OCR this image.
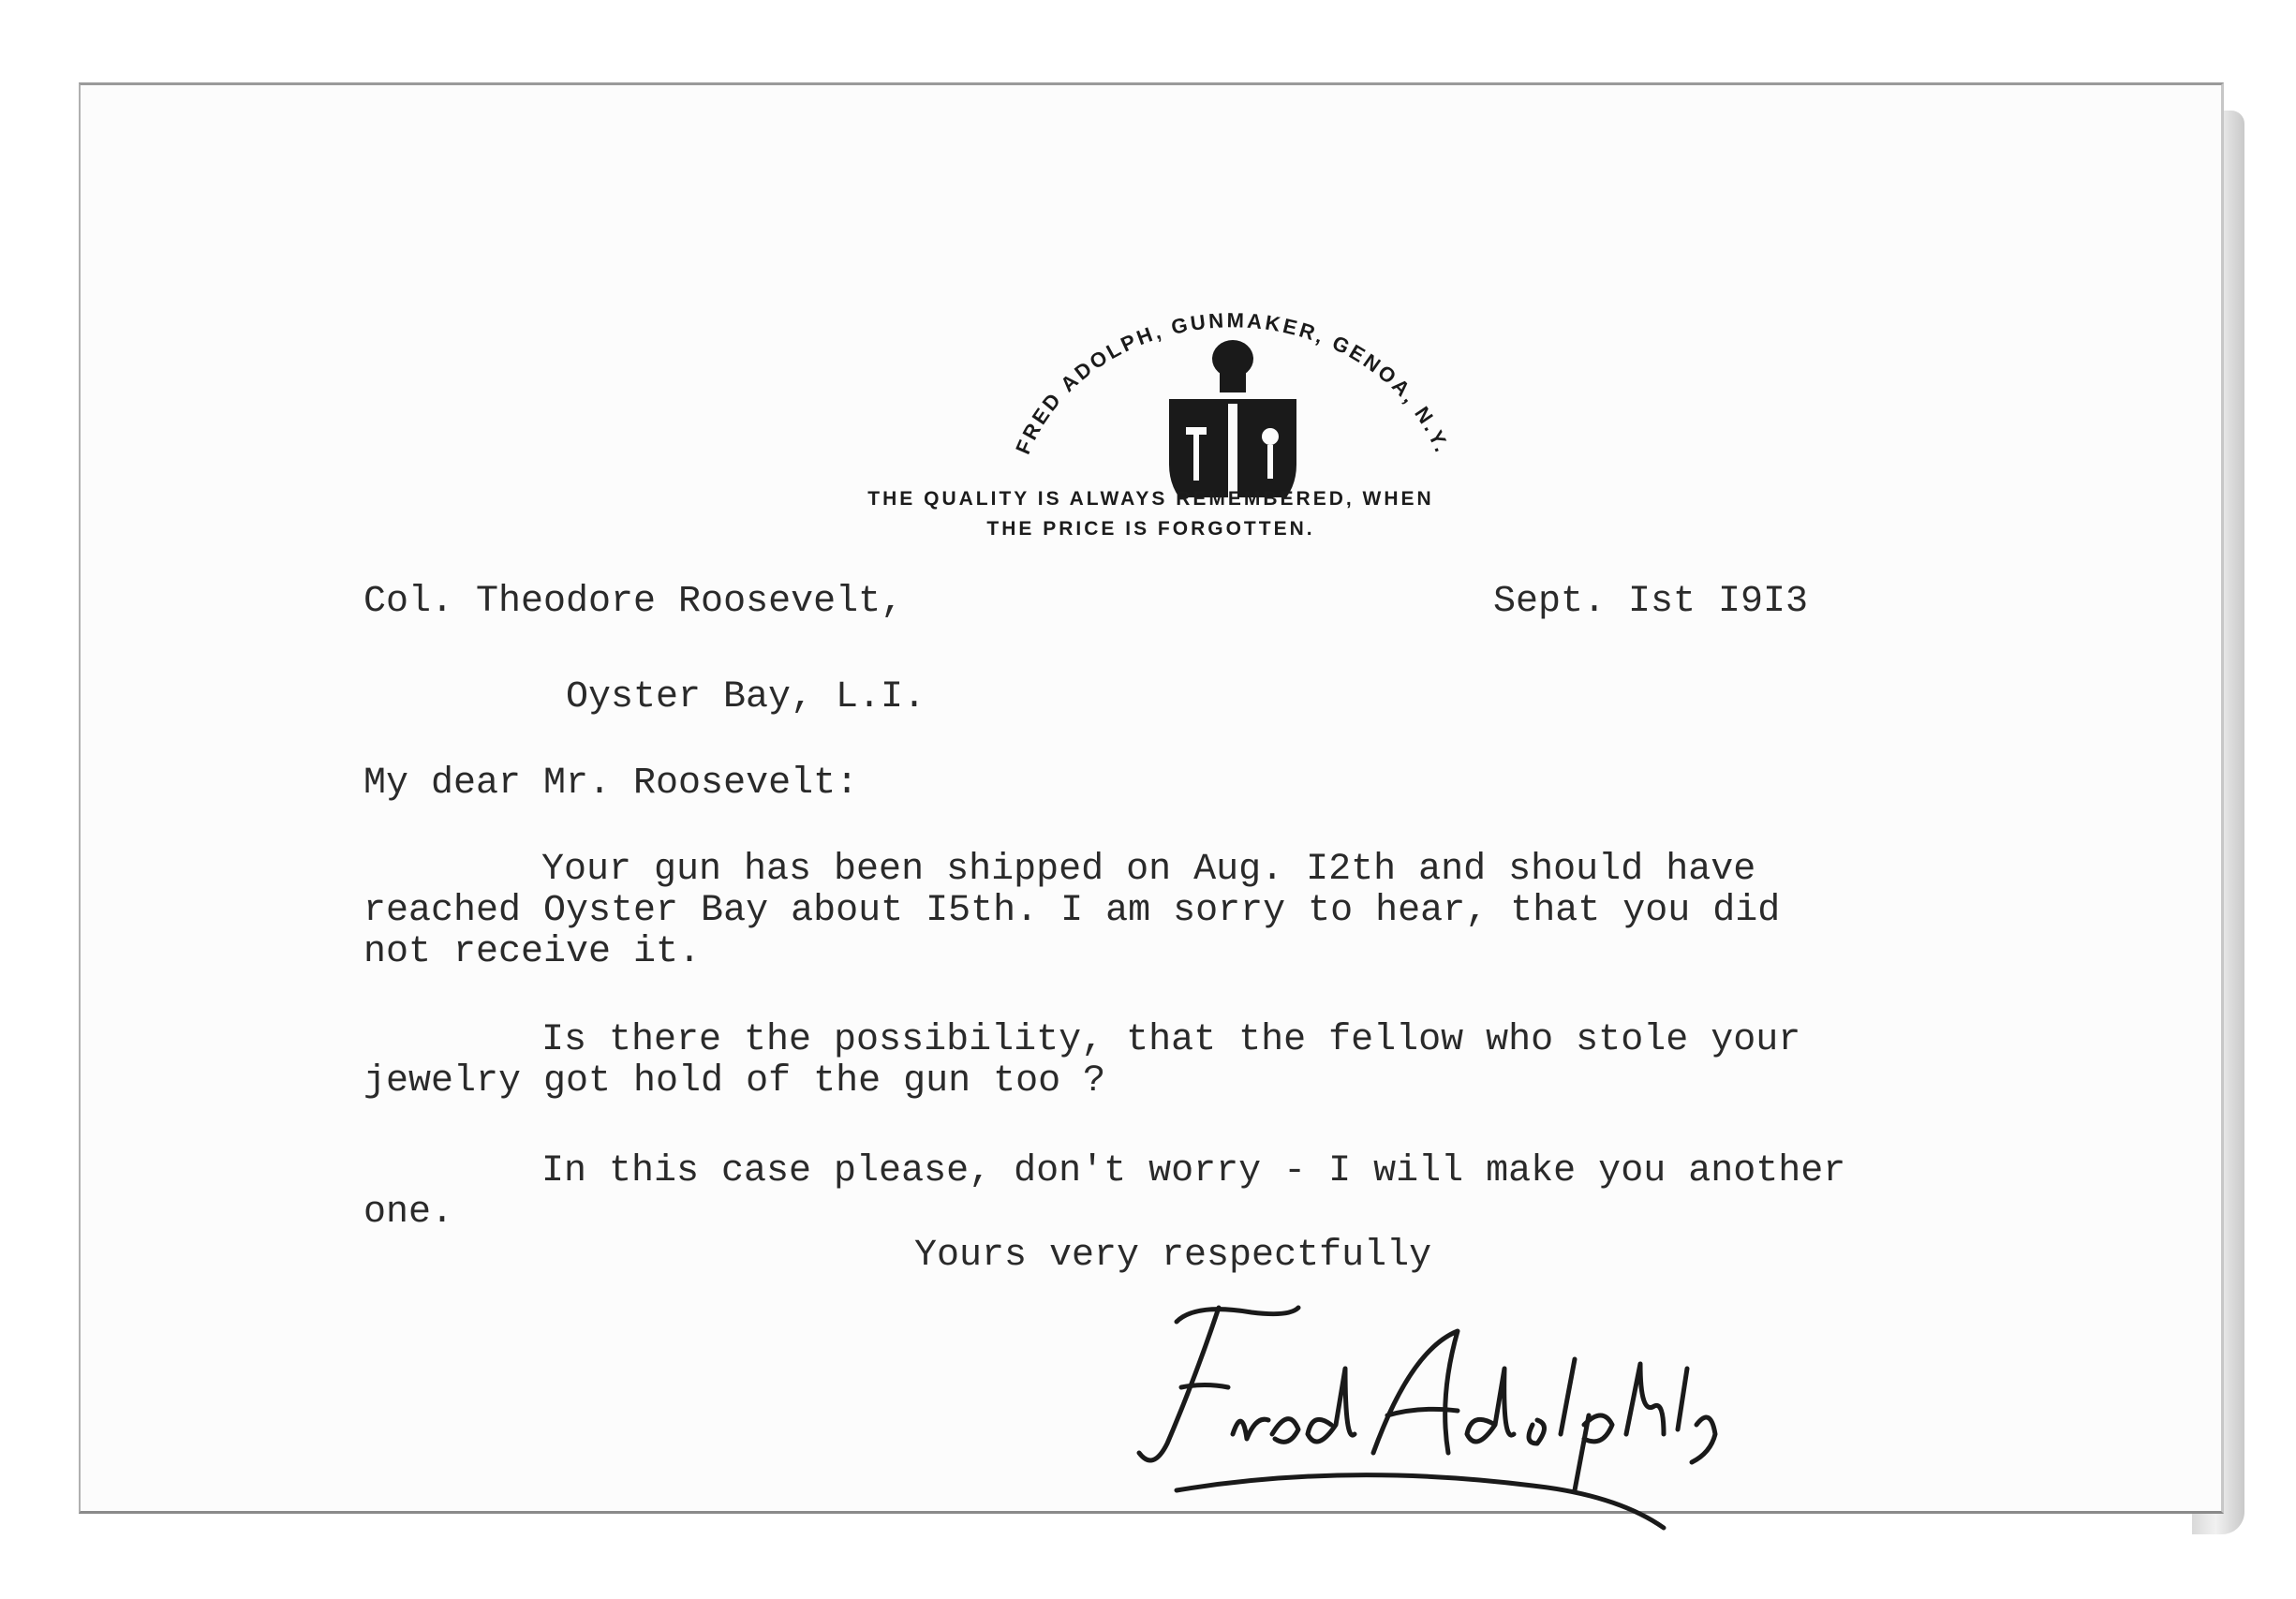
FRED ADOLPH, GUNMAKER, GENOA, N.Y.
THE QUALITY IS ALWAYS REMEMBERED, WHEN
THE PRICE IS FORGOTTEN.
Col. Theodore Roosevelt,	Sept. Ist I9I3
Oyster Bay, L.I.
My dear Mr. Roosevelt:
Your gun has been shipped on Aug. I2th and should have
reached Oyster Bay about I5th. I am sorry to hear, that you did
not receive it.
Is there the possibility, that the fellow who stole your
jewelry got hold of the gun too ?
In this case please, don't worry - I will make you another
one.
Yours very respectfully
